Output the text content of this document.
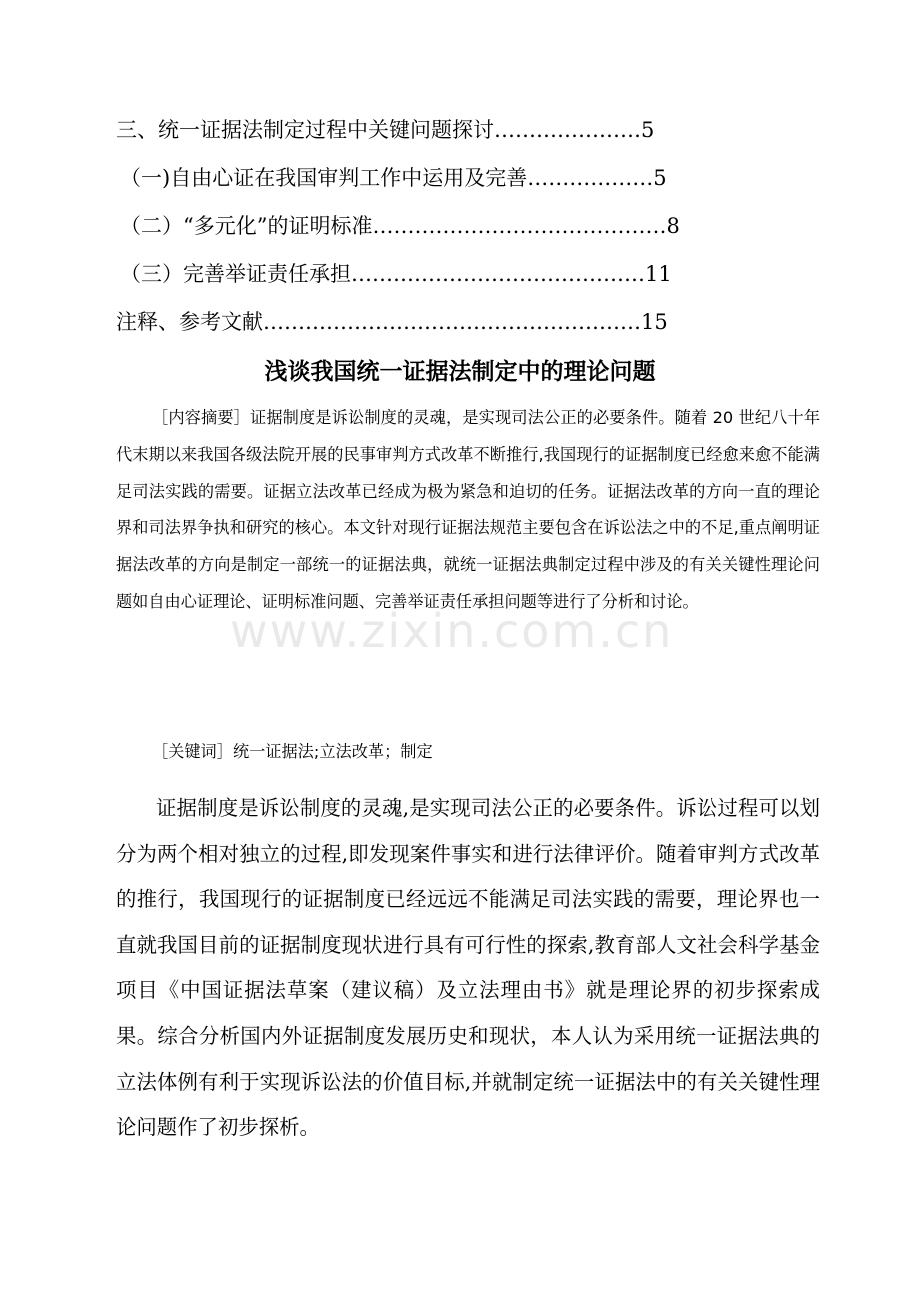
三、统一证据法制定过程中关键问题探讨…………………5
（一)自由心证在我国审判工作中运用及完善………………5
（二）“多元化”的证明标准……………………………………8
（三）完善举证责任承担……………………………………11
注释、参考文献………………………………………………15
浅谈我国统一证据法制定中的理论问题
［内容摘要］证据制度是诉讼制度的灵魂，是实现司法公正的必要条件。随着 20 世纪八十年代末期以来我国各级法院开展的民事审判方式改革不断推行,我国现行的证据制度已经愈来愈不能满足司法实践的需要。证据立法改革已经成为极为紧急和迫切的任务。证据法改革的方向一直的理论界和司法界争执和研究的核心。本文针对现行证据法规范主要包含在诉讼法之中的不足,重点阐明证据法改革的方向是制定一部统一的证据法典，就统一证据法典制定过程中涉及的有关关键性理论问题如自由心证理论、证明标准问题、完善举证责任承担问题等进行了分析和讨论。
www.zixin.com.cn
［关键词］统一证据法;立法改革；制定
证据制度是诉讼制度的灵魂,是实现司法公正的必要条件。诉讼过程可以划分为两个相对独立的过程,即发现案件事实和进行法律评价。随着审判方式改革的推行，我国现行的证据制度已经远远不能满足司法实践的需要，理论界也一直就我国目前的证据制度现状进行具有可行性的探索,教育部人文社会科学基金项目《中国证据法草案（建议稿）及立法理由书》就是理论界的初步探索成果。综合分析国内外证据制度发展历史和现状，本人认为采用统一证据法典的立法体例有利于实现诉讼法的价值目标,并就制定统一证据法中的有关关键性理论问题作了初步探析。
